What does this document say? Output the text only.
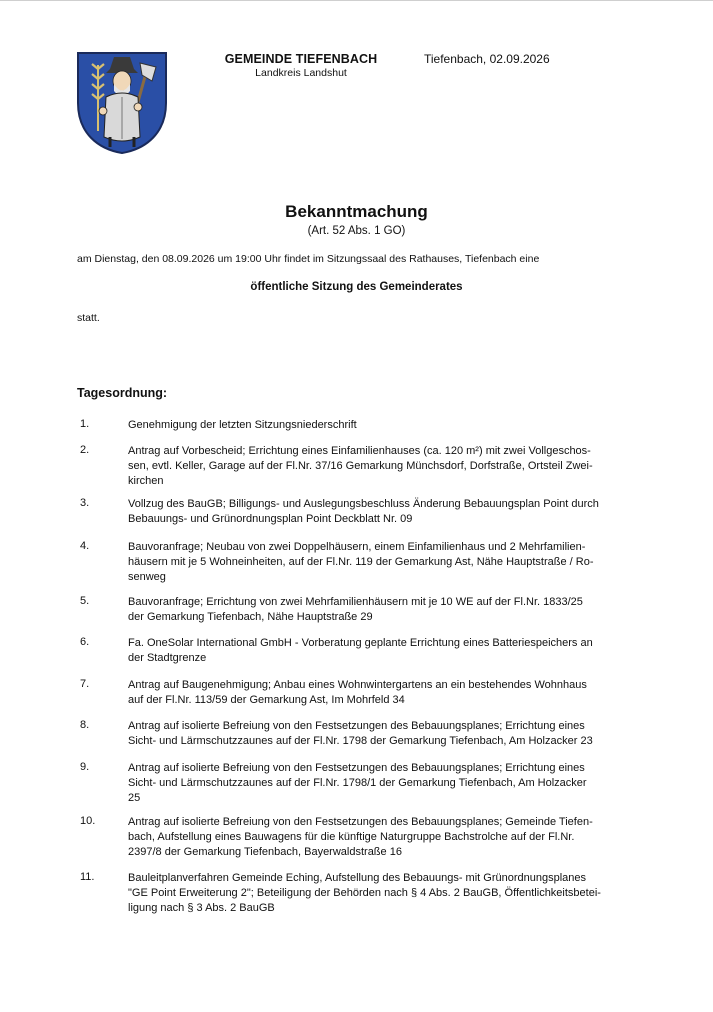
GEMEINDE TIEFENBACH
Landkreis Landshut
Tiefenbach, 02.09.2026
Bekanntmachung
(Art. 52 Abs. 1 GO)
am Dienstag, den 08.09.2026 um 19:00 Uhr findet im Sitzungssaal des Rathauses, Tiefenbach eine
öffentliche Sitzung des Gemeinderates
statt.
Tagesordnung:
1.	Genehmigung der letzten Sitzungsniederschrift
2.	Antrag auf Vorbescheid; Errichtung eines Einfamilienhauses (ca. 120 m²) mit zwei Vollgeschos-
sen, evtl. Keller, Garage auf der Fl.Nr. 37/16 Gemarkung Münchsdorf, Dorfstraße, Ortsteil Zwei-
kirchen
3.	Vollzug des BauGB; Billigungs- und Auslegungsbeschluss Änderung Bebauungsplan Point durch
Bebauungs- und Grünordnungsplan Point Deckblatt Nr. 09
4.	Bauvoranfrage; Neubau von zwei Doppelhäusern, einem Einfamilienhaus und 2 Mehrfamilien-
häusern mit je 5 Wohneinheiten, auf der Fl.Nr. 119 der Gemarkung Ast, Nähe Hauptstraße / Ro-
senweg
5.	Bauvoranfrage; Errichtung von zwei Mehrfamilienhäusern mit je 10 WE auf der Fl.Nr. 1833/25
der Gemarkung Tiefenbach, Nähe Hauptstraße 29
6.	Fa. OneSolar International GmbH - Vorberatung geplante Errichtung eines Batteriespeichers an
der Stadtgrenze
7.	Antrag auf Baugenehmigung; Anbau eines Wohnwintergartens an ein bestehendes Wohnhaus
auf der Fl.Nr. 113/59 der Gemarkung Ast, Im Mohrfeld 34
8.	Antrag auf isolierte Befreiung von den Festsetzungen des Bebauungsplanes; Errichtung eines
Sicht- und Lärmschutzzaunes auf der Fl.Nr. 1798 der Gemarkung Tiefenbach, Am Holzacker 23
9.	Antrag auf isolierte Befreiung von den Festsetzungen des Bebauungsplanes; Errichtung eines
Sicht- und Lärmschutzzaunes auf der Fl.Nr. 1798/1 der Gemarkung Tiefenbach, Am Holzacker
25
10.	Antrag auf isolierte Befreiung von den Festsetzungen des Bebauungsplanes; Gemeinde Tiefen-
bach, Aufstellung eines Bauwagens für die künftige Naturgruppe Bachstrolche auf der Fl.Nr.
2397/8 der Gemarkung Tiefenbach, Bayerwaldstraße 16
11.	Bauleitplanverfahren Gemeinde Eching, Aufstellung des Bebauungs- mit Grünordnungsplanes
"GE Point Erweiterung 2"; Beteiligung der Behörden nach § 4 Abs. 2 BauGB, Öffentlichkeitsbetei-
ligung nach § 3 Abs. 2 BauGB
